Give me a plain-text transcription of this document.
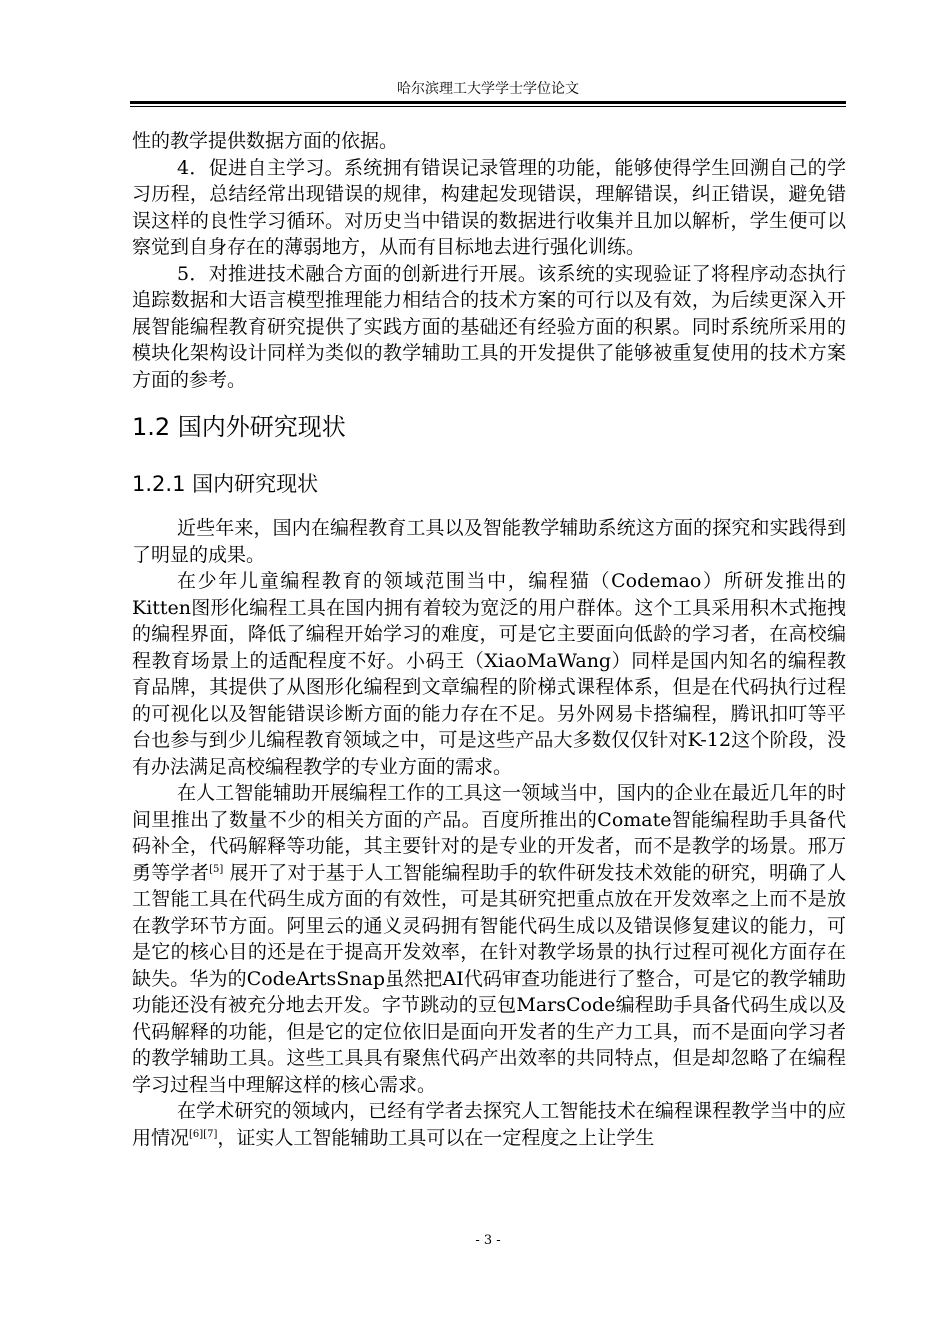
哈尔滨理工大学学士学位论文

性的教学提供数据方面的依据。

4．促进自主学习。系统拥有错误记录管理的功能，能够使得学生回溯自己的学习历程，总结经常出现错误的规律，构建起发现错误，理解错误，纠正错误，避免错误这样的良性学习循环。对历史当中错误的数据进行收集并且加以解析，学生便可以察觉到自身存在的薄弱地方，从而有目标地去进行强化训练。

5．对推进技术融合方面的创新进行开展。该系统的实现验证了将程序动态执行追踪数据和大语言模型推理能力相结合的技术方案的可行以及有效，为后续更深入开展智能编程教育研究提供了实践方面的基础还有经验方面的积累。同时系统所采用的模块化架构设计同样为类似的教学辅助工具的开发提供了能够被重复使用的技术方案方面的参考。

1.2 国内外研究现状
1.2.1 国内研究现状

近些年来，国内在编程教育工具以及智能教学辅助系统这方面的探究和实践得到了明显的成果。

在少年儿童编程教育的领域范围当中，编程猫（Codemao）所研发推出的Kitten图形化编程工具在国内拥有着较为宽泛的用户群体。这个工具采用积木式拖拽的编程界面，降低了编程开始学习的难度，可是它主要面向低龄的学习者，在高校编程教育场景上的适配程度不好。小码王（XiaoMaWang）同样是国内知名的编程教育品牌，其提供了从图形化编程到文章编程的阶梯式课程体系，但是在代码执行过程的可视化以及智能错误诊断方面的能力存在不足。另外网易卡搭编程，腾讯扣叮等平台也参与到少儿编程教育领域之中，可是这些产品大多数仅仅针对K-12这个阶段，没有办法满足高校编程教学的专业方面的需求。

在人工智能辅助开展编程工作的工具这一领域当中，国内的企业在最近几年的时间里推出了数量不少的相关方面的产品。百度所推出的Comate智能编程助手具备代码补全，代码解释等功能，其主要针对的是专业的开发者，而不是教学的场景。邢万勇等学者[5] 展开了对于基于人工智能编程助手的软件研发技术效能的研究，明确了人工智能工具在代码生成方面的有效性，可是其研究把重点放在开发效率之上而不是放在教学环节方面。阿里云的通义灵码拥有智能代码生成以及错误修复建议的能力，可是它的核心目的还是在于提高开发效率，在针对教学场景的执行过程可视化方面存在缺失。华为的CodeArtsSnap虽然把AI代码审查功能进行了整合，可是它的教学辅助功能还没有被充分地去开发。字节跳动的豆包MarsCode编程助手具备代码生成以及代码解释的功能，但是它的定位依旧是面向开发者的生产力工具，而不是面向学习者的教学辅助工具。这些工具具有聚焦代码产出效率的共同特点，但是却忽略了在编程学习过程当中理解这样的核心需求。

在学术研究的领域内，已经有学者去探究人工智能技术在编程课程教学当中的应用情况[6][7]，证实人工智能辅助工具可以在一定程度之上让学生

- 3 -
